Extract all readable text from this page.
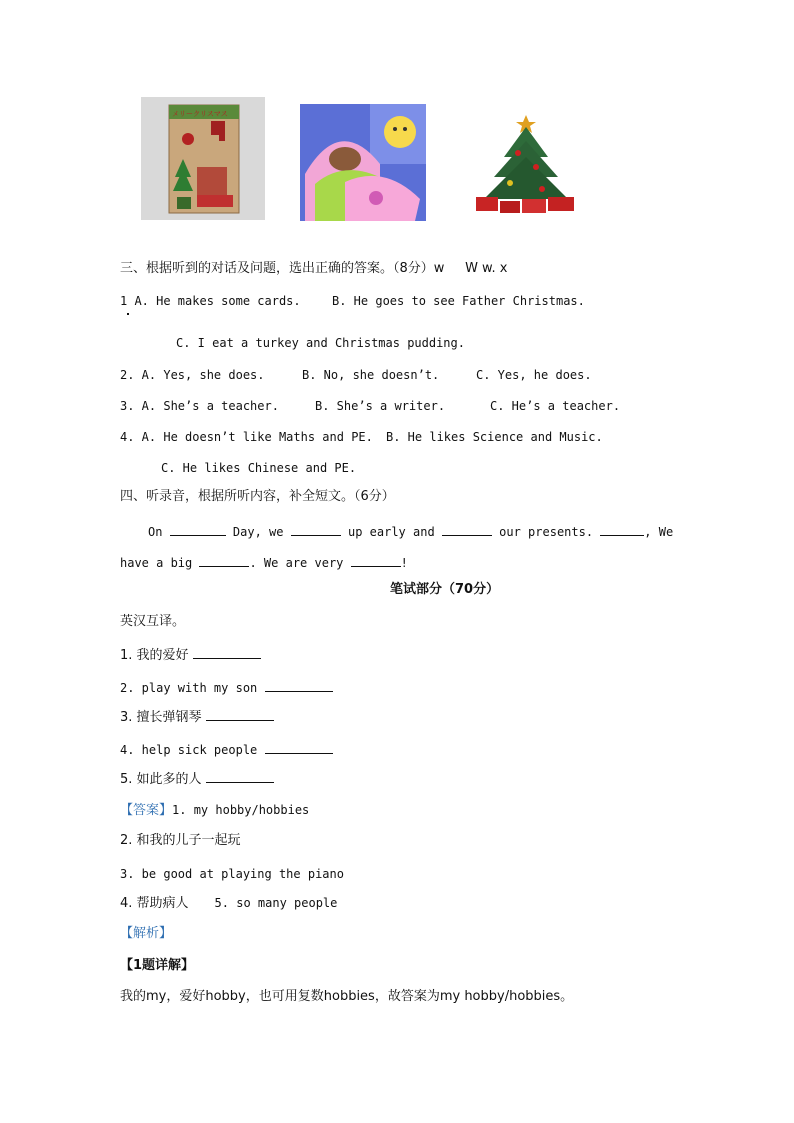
メリークリスマス
三、根据听到的对话及问题，选出正确的答案。（8分）w     W w. x
1 A. He makes some cards.	B. He goes to see Father Christmas.
C. I eat a turkey and Christmas pudding.
2. A. Yes, she does.	B. No, she doesn’t.	C. Yes, he does.
3. A. She’s a teacher.	B. She’s a writer.	C. He’s a teacher.
4. A. He doesn’t like Maths and PE. B. He likes Science and Music.
C. He likes Chinese and PE.
四、听录音，根据所听内容，补全短文。（6分）
On	Day, we	up early and	our presents.	, We
have a big	. We are very	!
笔试部分（70分）
英汉互译。
1. 我的爱好
2. play with my son
3. 擅长弹钢琴
4. help sick people
5. 如此多的人
【答案】1. my hobby/hobbies
2. 和我的儿子一起玩
3. be good at playing the piano
4. 帮助病人 5. so many people
【解析】
【1题详解】
我的my，爱好hobby，也可用复数hobbies，故答案为my hobby/hobbies。
